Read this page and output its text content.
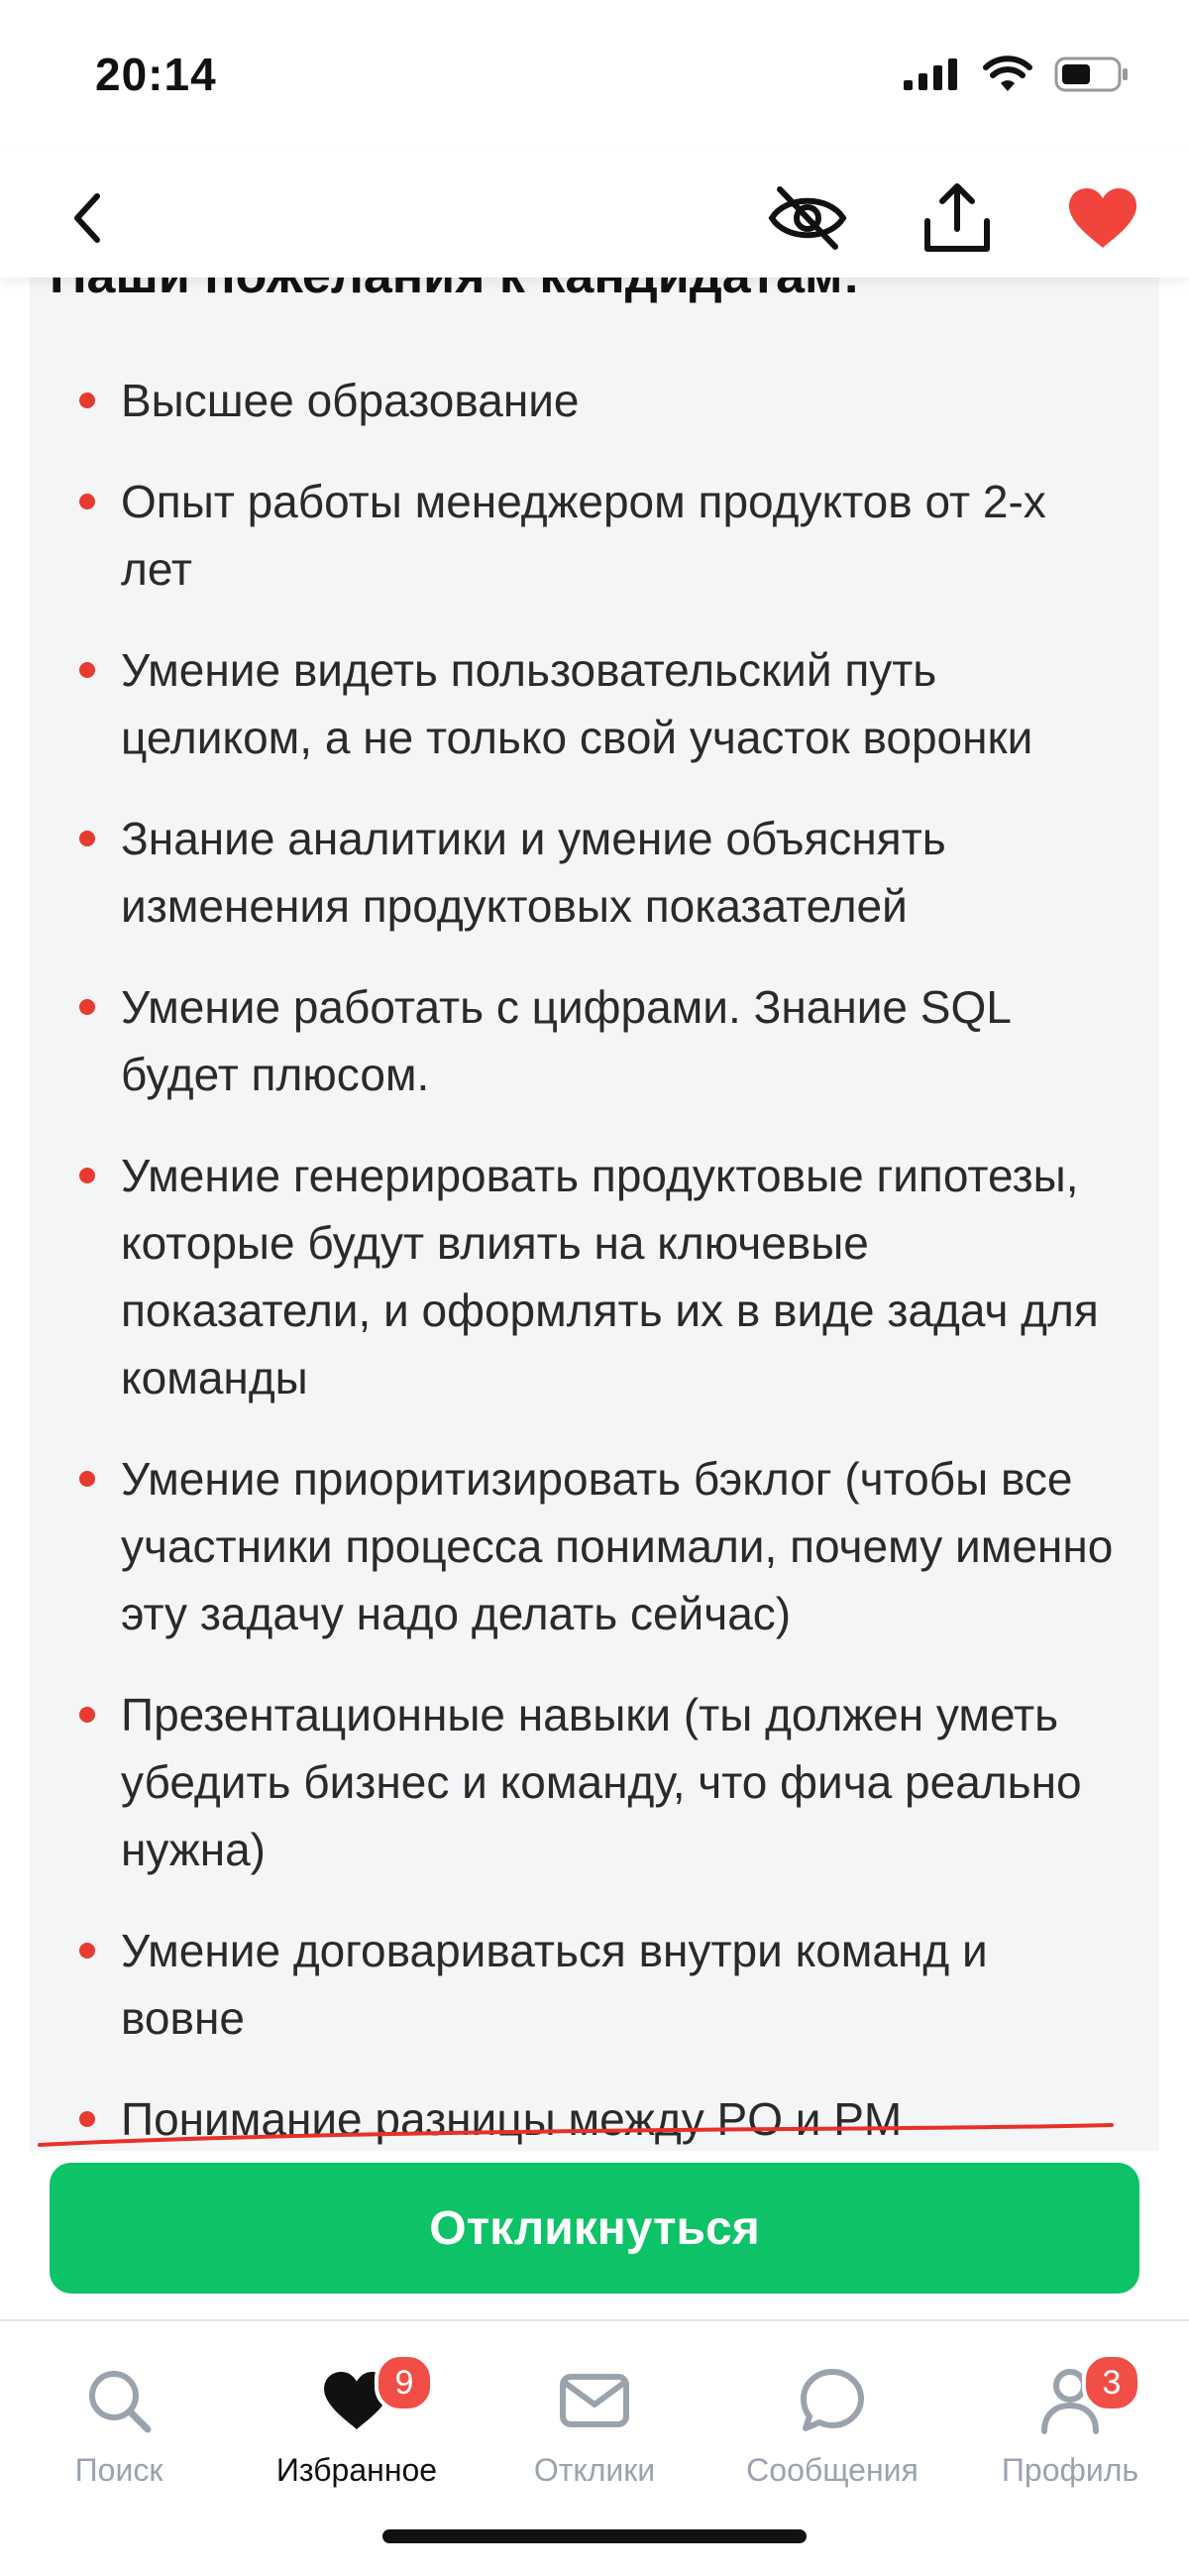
20:14
Высшее образование
Опыт работы менеджером продуктов от 2-х лет
Умение видеть пользовательский путь целиком, а не только свой участок воронки
Знание аналитики и умение объяснять изменения продуктовых показателей
Умение работать с цифрами. Знание SQL будет плюсом.
Умение генерировать продуктовые гипотезы, которые будут влиять на ключевые показатели, и оформлять их в виде задач для команды
Умение приоритизировать бэклог (чтобы все участники процесса понимали, почему именно эту задачу надо делать сейчас)
Презентационные навыки (ты должен уметь убедить бизнес и команду, что фича реально нужна)
Умение договариваться внутри команд и вовне
Понимание разницы между PO и PM
Откликнуться
Поиск
9
Избранное	Отклики	Сообщения
3
Профиль
